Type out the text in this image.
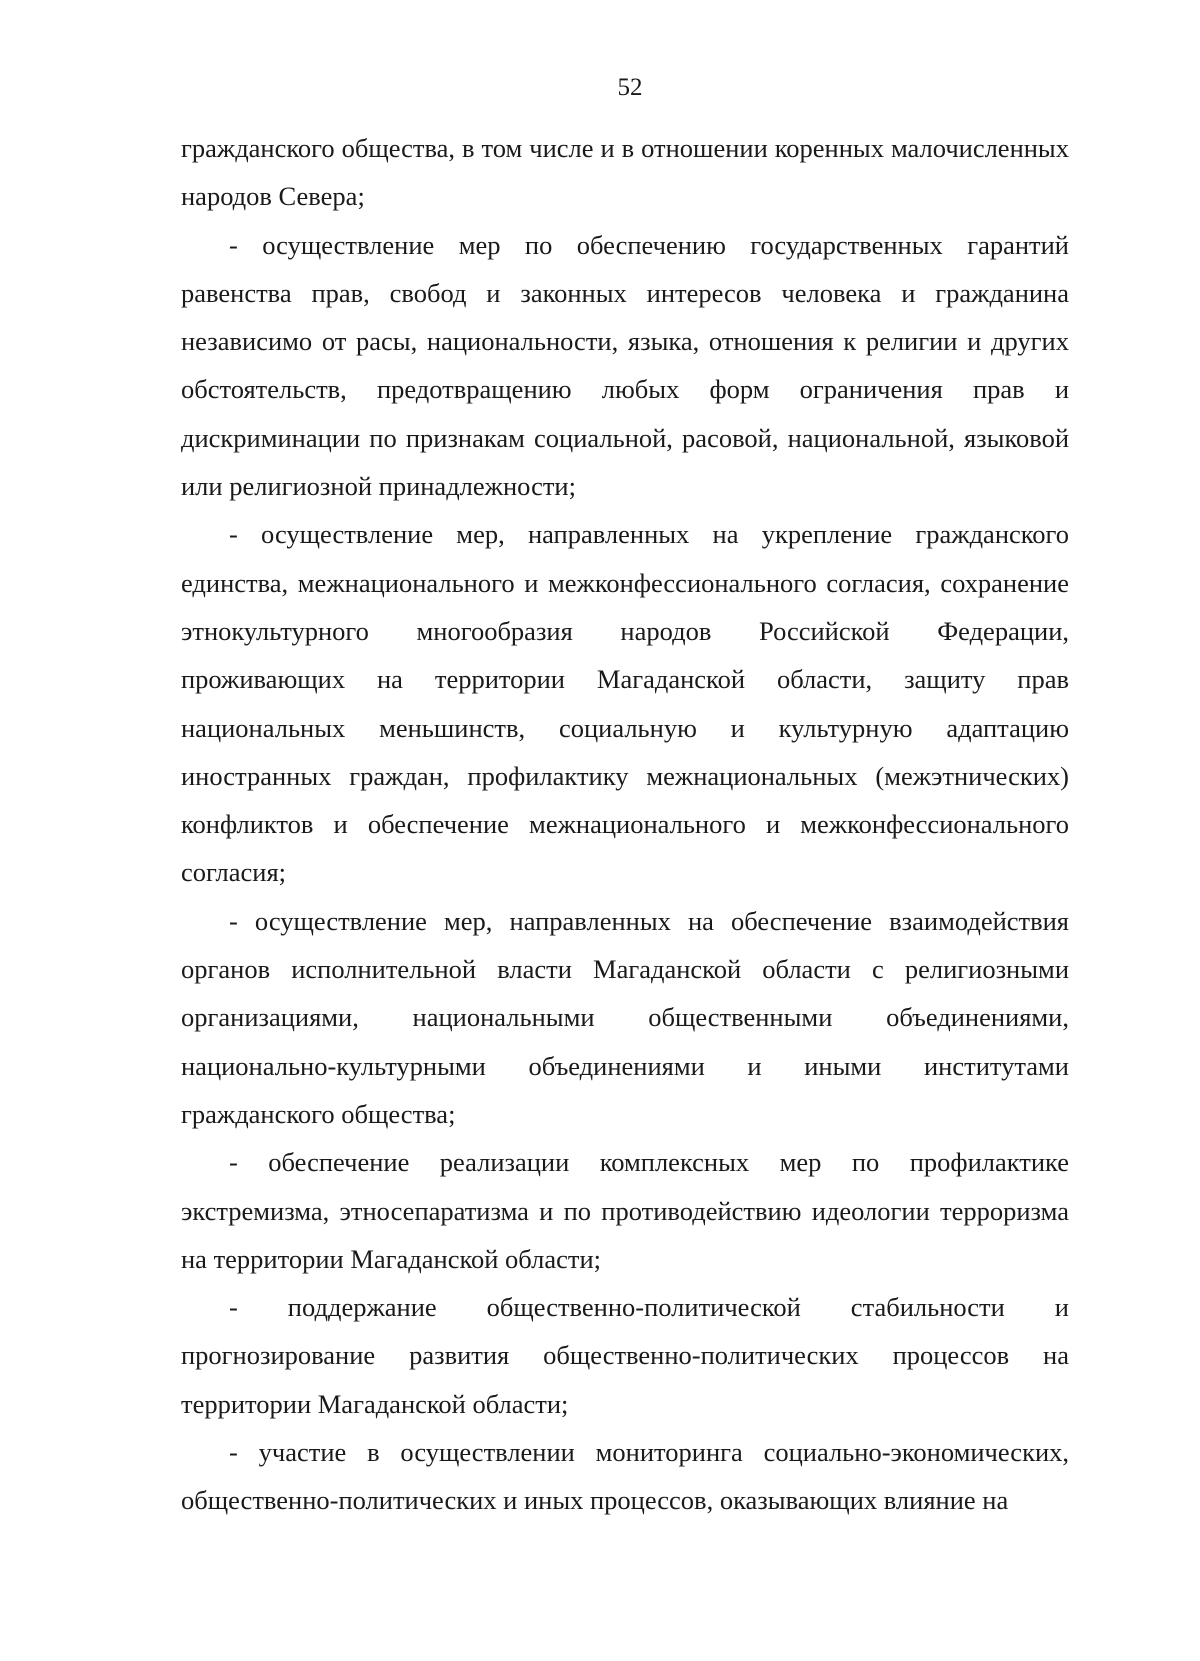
52

гражданского общества, в том числе и в отношении коренных малочисленных народов Севера;

- осуществление мер по обеспечению государственных гарантий равенства прав, свобод и законных интересов человека и гражданина независимо от расы, национальности, языка, отношения к религии и других обстоятельств, предотвращению любых форм ограничения прав и дискриминации по признакам социальной, расовой, национальной, языковой или религиозной принадлежности;

- осуществление мер, направленных на укрепление гражданского единства, межнационального и межконфессионального согласия, сохранение этнокультурного многообразия народов Российской Федерации, проживающих на территории Магаданской области, защиту прав национальных меньшинств, социальную и культурную адаптацию иностранных граждан, профилактику межнациональных (межэтнических) конфликтов и обеспечение межнационального и межконфессионального согласия;

- осуществление мер, направленных на обеспечение взаимодействия органов исполнительной власти Магаданской области с религиозными организациями, национальными общественными объединениями, национально-культурными объединениями и иными институтами гражданского общества;

- обеспечение реализации комплексных мер по профилактике экстремизма, этносепаратизма и по противодействию идеологии терроризма на территории Магаданской области;

- поддержание общественно-политической стабильности и прогнозирование развития общественно-политических процессов на территории Магаданской области;

- участие в осуществлении мониторинга социально-экономических, общественно-политических и иных процессов, оказывающих влияние на
